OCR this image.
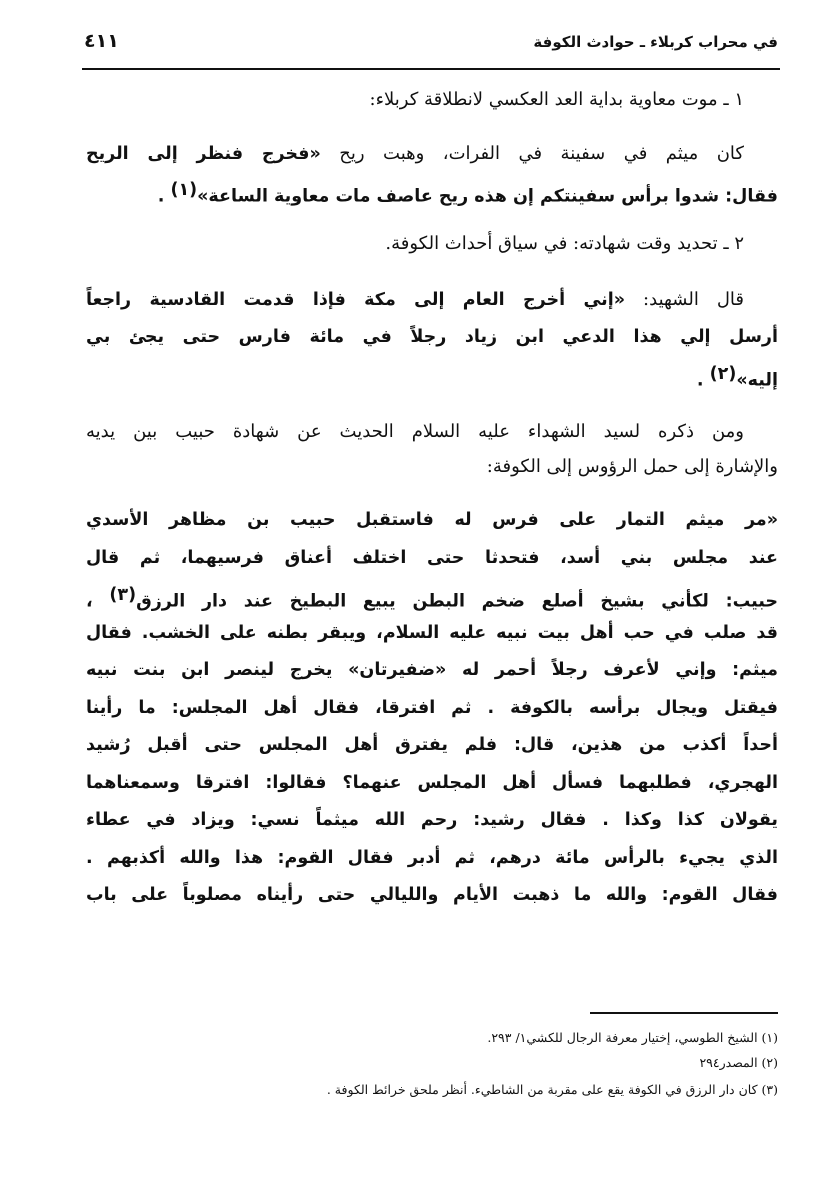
في محراب كربلاء ـ حوادث الكوفة
٤١١
١ ـ موت معاوية بداية العد العكسي لانطلاقة كربلاء:
كان ميثم في سفينة في الفرات، وهبت ريح «فخرج فنظر إلى الريح
فقال: شدوا برأس سفينتكم إن هذه ريح عاصف مات معاوية الساعة»$^{(١)}$ .
٢ ـ تحديد وقت شهادته: في سياق أحداث الكوفة.
قال الشهيد: «إني أخرج العام إلى مكة فإذا قدمت القادسية راجعاً
أرسل إلي هذا الدعي ابن زياد رجلاً في مائة فارس حتى يجئ بي
إليه»$^{(٢)}$ .
ومن ذكره لسيد الشهداء عليه السلام الحديث عن شهادة حبيب بين يديه
والإشارة إلى حمل الرؤوس إلى الكوفة:
«مر ميثم التمار على فرس له فاستقبل حبيب بن مظاهر الأسدي
عند مجلس بني أسد، فتحدثا حتى اختلف أعناق فرسيهما، ثم قال
حبيب: لكأني بشيخ أصلع ضخم البطن يبيع البطيخ عند دار الرزق$^{(٣)}$ ،
قد صلب في حب أهل بيت نبيه عليه السلام، ويبقر بطنه على الخشب. فقال
ميثم: وإني لأعرف رجلاً أحمر له «ضفيرتان» يخرج لينصر ابن بنت نبيه
فيقتل ويجال برأسه بالكوفة . ثم افترقا، فقال أهل المجلس: ما رأينا
أحداً أكذب من هذين، قال: فلم يفترق أهل المجلس حتى أقبل رُشيد
الهجري، فطلبهما فسأل أهل المجلس عنهما؟ فقالوا: افترقا وسمعناهما
يقولان كذا وكذا . فقال رشيد: رحم الله ميثماً نسي: ويزاد في عطاء
الذي يجيء بالرأس مائة درهم، ثم أدبر فقال القوم: هذا والله أكذبهم .
فقال القوم: والله ما ذهبت الأيام والليالي حتى رأيناه مصلوباً على باب
(١) الشيخ الطوسي، إختيار معرفة الرجال للكشي١/ ٢٩٣.
(٢) المصدر٢٩٤
(٣) كان دار الرزق في الكوفة يقع على مقربة من الشاطيء. أنظر ملحق خرائط الكوفة .
